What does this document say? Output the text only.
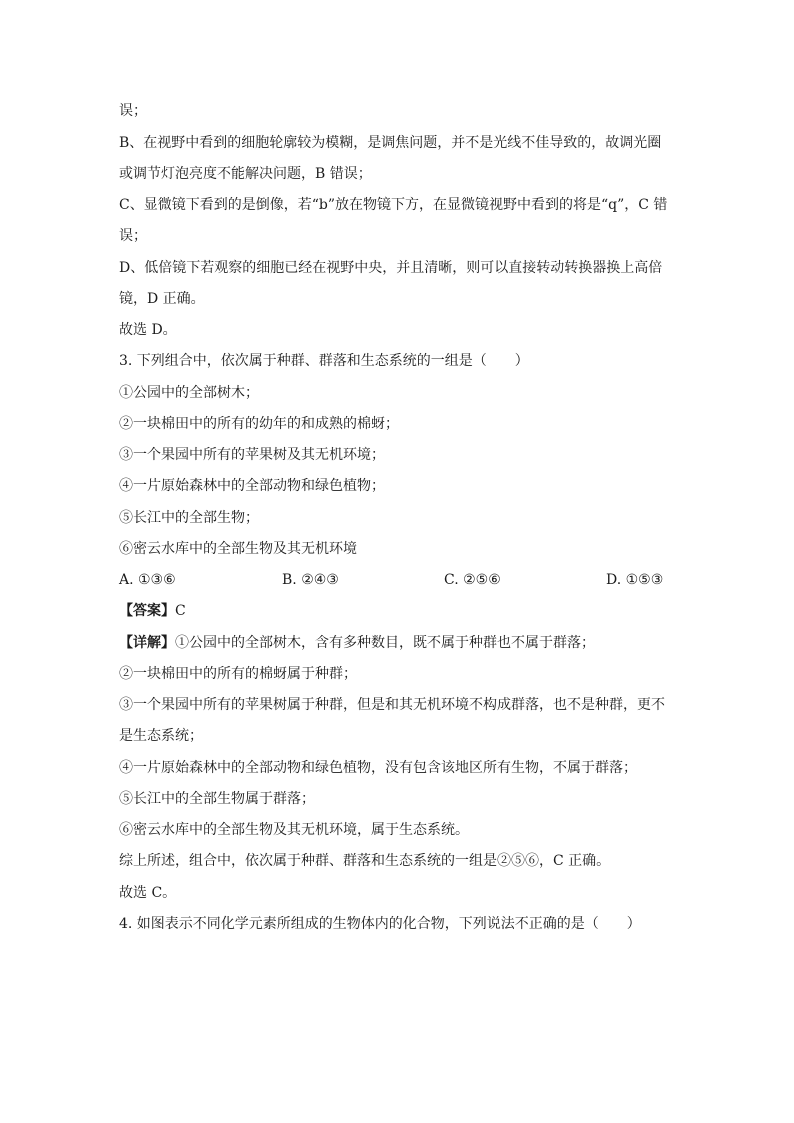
误；
B、在视野中看到的细胞轮廓较为模糊，是调焦问题，并不是光线不佳导致的，故调光圈
或调节灯泡亮度不能解决问题，B 错误；
C、显微镜下看到的是倒像，若“b”放在物镜下方，在显微镜视野中看到的将是“q”，C 错
误；
D、低倍镜下若观察的细胞已经在视野中央，并且清晰，则可以直接转动转换器换上高倍
镜，D 正确。
故选 D。
3. 下列组合中，依次属于种群、群落和生态系统的一组是（　　）
①公园中的全部树木；
②一块棉田中的所有的幼年的和成熟的棉蚜；
③一个果园中所有的苹果树及其无机环境；
④一片原始森林中的全部动物和绿色植物；
⑤长江中的全部生物；
⑥密云水库中的全部生物及其无机环境
A. ①③⑥	B. ②④③	C. ②⑤⑥	D. ①⑤③
【答案】C
【详解】①公园中的全部树木，含有多种数目，既不属于种群也不属于群落；
②一块棉田中的所有的棉蚜属于种群；
③一个果园中所有的苹果树属于种群，但是和其无机环境不构成群落，也不是种群，更不
是生态系统；
④一片原始森林中的全部动物和绿色植物，没有包含该地区所有生物，不属于群落；
⑤长江中的全部生物属于群落；
⑥密云水库中的全部生物及其无机环境，属于生态系统。
综上所述，组合中，依次属于种群、群落和生态系统的一组是②⑤⑥，C 正确。
故选 C。
4. 如图表示不同化学元素所组成的生物体内的化合物，下列说法不正确的是（　　）
